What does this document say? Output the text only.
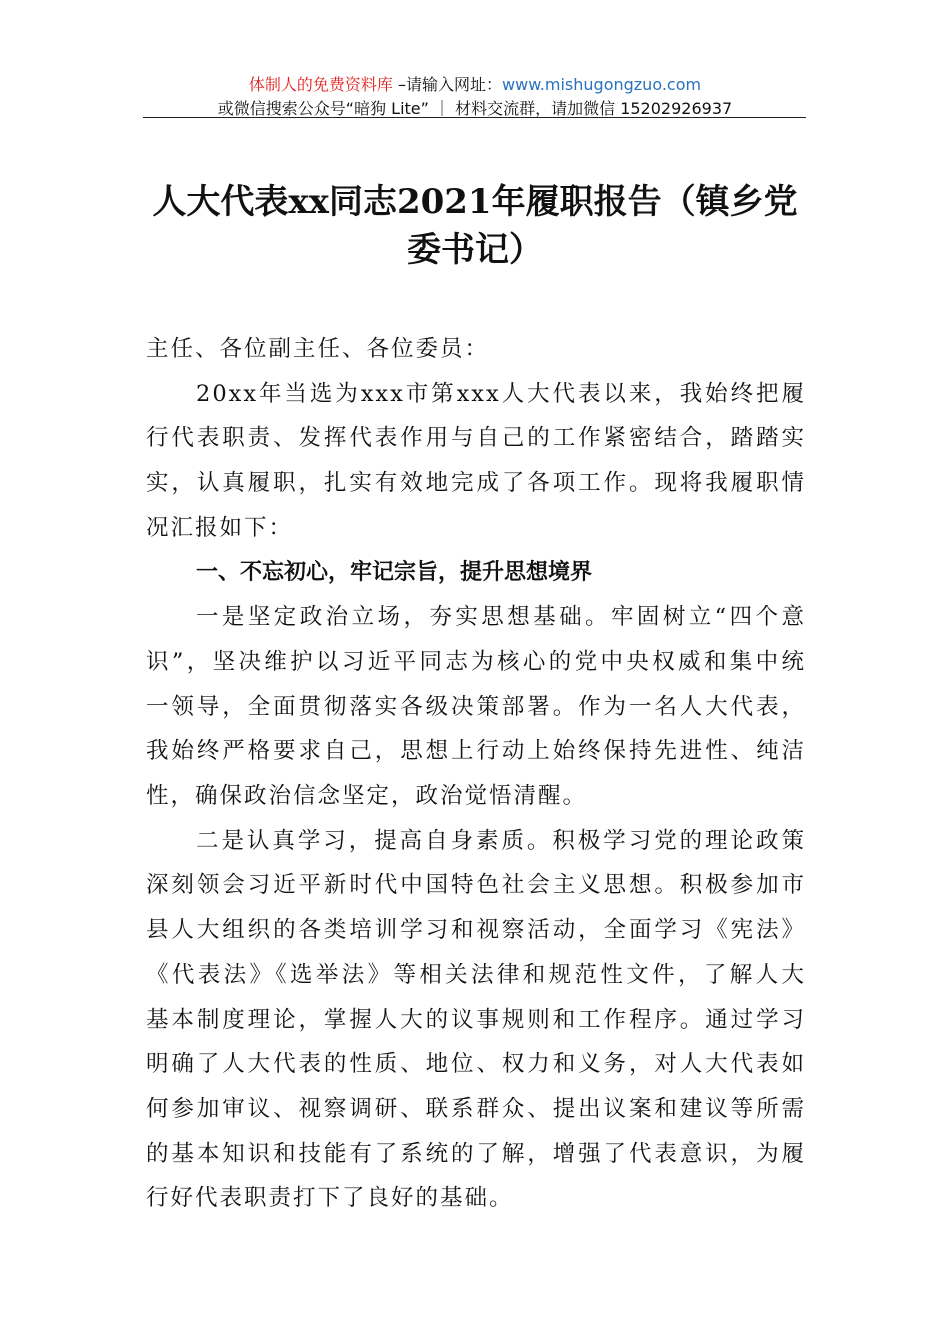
体制人的免费资料库 –请输入网址：www.mishugongzuo.com
或微信搜索公众号“暗狗 Lite” ｜ 材料交流群，请加微信 15202926937
人大代表xx同志2021年履职报告（镇乡党
委书记）
主任、各位副主任、各位委员：
20xx年当选为xxx市第xxx人大代表以来，我始终把履
行代表职责、发挥代表作用与自己的工作紧密结合，踏踏实
实，认真履职，扎实有效地完成了各项工作。现将我履职情
况汇报如下：
一、不忘初心，牢记宗旨，提升思想境界
一是坚定政治立场，夯实思想基础。牢固树立“四个意
识”，坚决维护以习近平同志为核心的党中央权威和集中统
一领导，全面贯彻落实各级决策部署。作为一名人大代表，
我始终严格要求自己，思想上行动上始终保持先进性、纯洁
性，确保政治信念坚定，政治觉悟清醒。
二是认真学习，提高自身素质。积极学习党的理论政策
深刻领会习近平新时代中国特色社会主义思想。积极参加市
县人大组织的各类培训学习和视察活动，全面学习《宪法》
《代表法》《选举法》等相关法律和规范性文件，了解人大
基本制度理论，掌握人大的议事规则和工作程序。通过学习
明确了人大代表的性质、地位、权力和义务，对人大代表如
何参加审议、视察调研、联系群众、提出议案和建议等所需
的基本知识和技能有了系统的了解，增强了代表意识，为履
行好代表职责打下了良好的基础。
